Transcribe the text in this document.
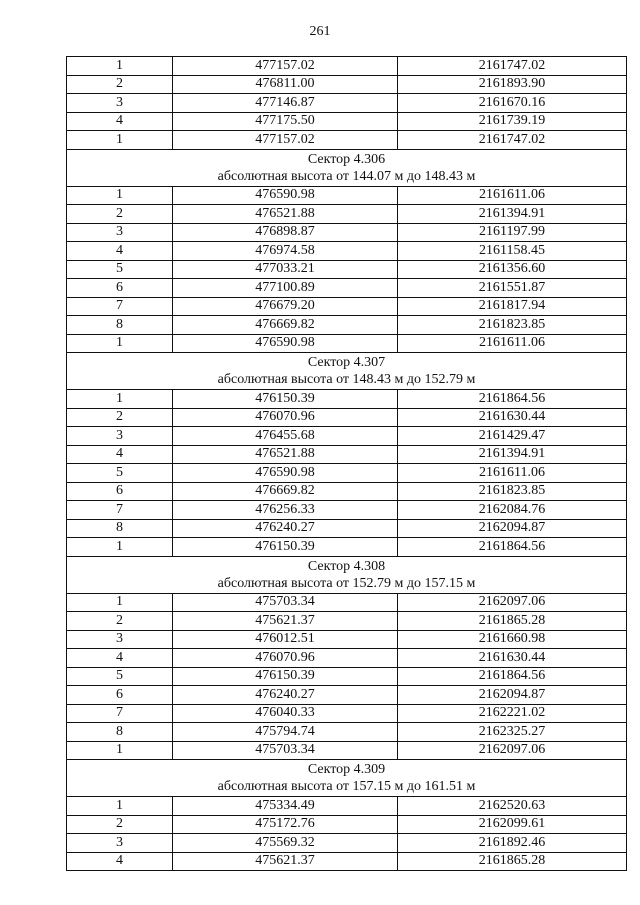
261
1	477157.02	2161747.02
2	476811.00	2161893.90
3	477146.87	2161670.16
4	477175.50	2161739.19
1	477157.02	2161747.02

Сектор 4.306
абсолютная высота от 144.07 м до 148.43 м		

1	476590.98	2161611.06
2	476521.88	2161394.91
3	476898.87	2161197.99
4	476974.58	2161158.45
5	477033.21	2161356.60
6	477100.89	2161551.87
7	476679.20	2161817.94
8	476669.82	2161823.85
1	476590.98	2161611.06

Сектор 4.307
абсолютная высота от 148.43 м до 152.79 м		

1	476150.39	2161864.56
2	476070.96	2161630.44
3	476455.68	2161429.47
4	476521.88	2161394.91
5	476590.98	2161611.06
6	476669.82	2161823.85
7	476256.33	2162084.76
8	476240.27	2162094.87
1	476150.39	2161864.56

Сектор 4.308
абсолютная высота от 152.79 м до 157.15 м		

1	475703.34	2162097.06
2	475621.37	2161865.28
3	476012.51	2161660.98
4	476070.96	2161630.44
5	476150.39	2161864.56
6	476240.27	2162094.87
7	476040.33	2162221.02
8	475794.74	2162325.27
1	475703.34	2162097.06

Сектор 4.309
абсолютная высота от 157.15 м до 161.51 м		

1	475334.49	2162520.63
2	475172.76	2162099.61
3	475569.32	2161892.46
4	475621.37	2161865.28
